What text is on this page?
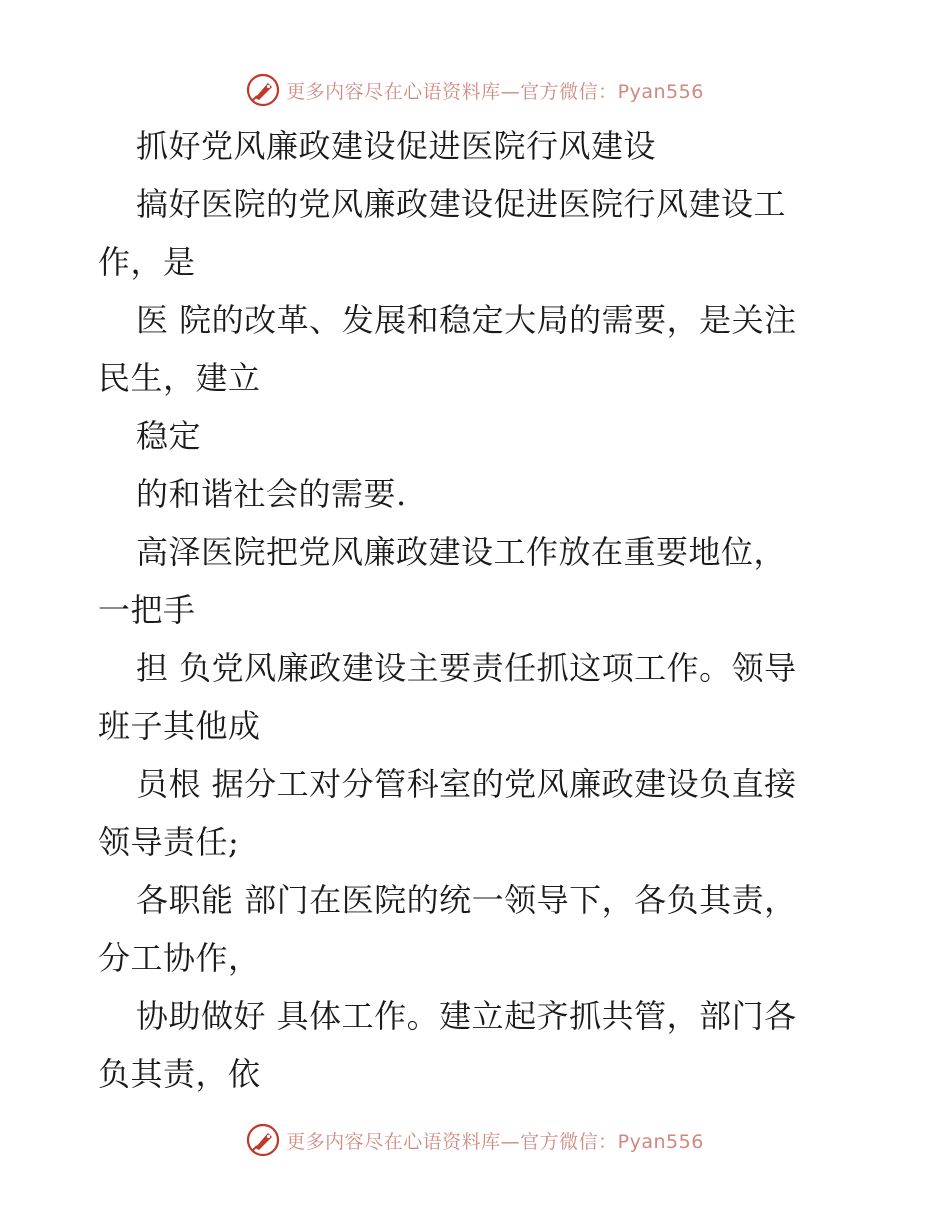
更多内容尽在心语资料库—官方微信：Pyan556
抓好党风廉政建设促进医院行风建设
搞好医院的党风廉政建设促进医院行风建设工
作，是
医 院的改革、发展和稳定大局的需要，是关注
民生，建立
稳定
的和谐社会的需要.
高泽医院把党风廉政建设工作放在重要地位，
一把手
担 负党风廉政建设主要责任抓这项工作。领导
班子其他成
员根 据分工对分管科室的党风廉政建设负直接
领导责任;
各职能 部门在医院的统一领导下，各负其责，
分工协作，
协助做好 具体工作。建立起齐抓共管，部门各
负其责，依
更多内容尽在心语资料库—官方微信：Pyan556
